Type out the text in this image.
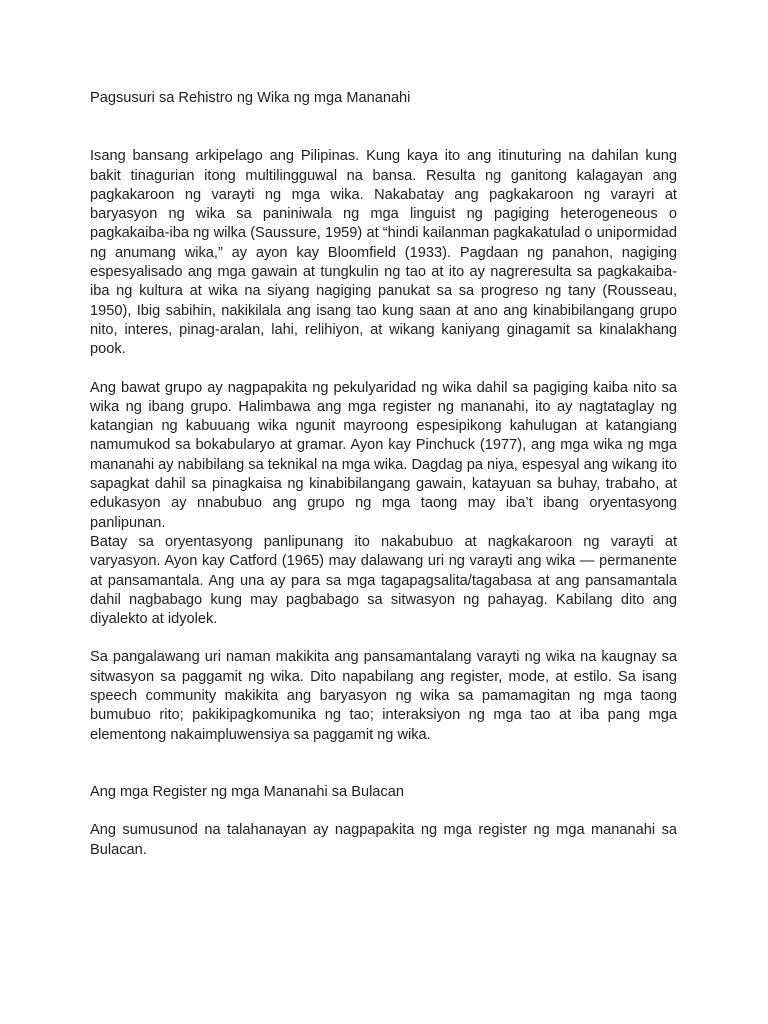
Pagsusuri sa Rehistro ng Wika ng mga Mananahi

Isang bansang arkipelago ang Pilipinas. Kung kaya ito ang itinuturing na dahilan kung bakit tinagurian itong multilingguwal na bansa. Resulta ng ganitong kalagayan ang pagkakaroon ng varayti ng mga wika. Nakabatay ang pagkakaroon ng varayri at baryasyon ng wika sa paniniwala ng mga linguist ng pagiging heterogeneous o pagkakaiba-iba ng wilka (Saussure, 1959) at “hindi kailanman pagkakatulad o unipormidad ng anumang wika,” ay ayon kay Bloomfield (1933). Pagdaan ng panahon, nagiging espesyalisado ang mga gawain at tungkulin ng tao at ito ay nagreresulta sa pagkakaiba-iba ng kultura at wika na siyang nagiging panukat sa sa progreso ng tany (Rousseau, 1950), Ibig sabihin, nakikilala ang isang tao kung saan at ano ang kinabibilangang grupo nito, interes, pinag-aralan, lahi, relihiyon, at wikang kaniyang ginagamit sa kinalakhang pook.

Ang bawat grupo ay nagpapakita ng pekulyaridad ng wika dahil sa pagiging kaiba nito sa wika ng ibang grupo. Halimbawa ang mga register ng mananahi, ito ay nagtataglay ng katangian ng kabuuang wika ngunit mayroong espesipikong kahulugan at katangiang namumukod sa bokabularyo at gramar. Ayon kay Pinchuck (1977), ang mga wika ng mga mananahi ay nabibilang sa teknikal na mga wika. Dagdag pa niya, espesyal ang wikang ito sapagkat dahil sa pinagkaisa ng kinabibilangang gawain, katayuan sa buhay, trabaho, at edukasyon ay nnabubuo ang grupo ng mga taong may iba’t ibang oryentasyong panlipunan.

Batay sa oryentasyong panlipunang ito nakabubuo at nagkakaroon ng varayti at varyasyon. Ayon kay Catford (1965) may dalawang uri ng varayti ang wika — permanente at pansamantala. Ang una ay para sa mga tagapagsalita/tagabasa at ang pansamantala dahil nagbabago kung may pagbabago sa sitwasyon ng pahayag. Kabilang dito ang diyalekto at idyolek.

Sa pangalawang uri naman makikita ang pansamantalang varayti ng wika na kaugnay sa sitwasyon sa paggamit ng wika. Dito napabilang ang register, mode, at estilo. Sa isang speech community makikita ang baryasyon ng wika sa pamamagitan ng mga taong bumubuo rito; pakikipagkomunika ng tao; interaksiyon ng mga tao at iba pang mga elementong nakaimpluwensiya sa paggamit ng wika.

Ang mga Register ng mga Mananahi sa Bulacan

Ang sumusunod na talahanayan ay nagpapakita ng mga register ng mga mananahi sa Bulacan.
